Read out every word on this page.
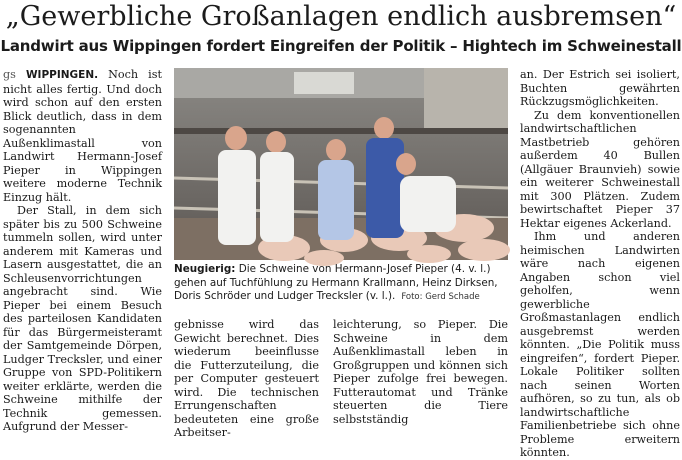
„Gewerbliche Großanlagen endlich ausbremsen“
Landwirt aus Wippingen fordert Eingreifen der Politik – Hightech im Schweinestall

gs WIPPINGEN. Noch ist nicht alles fertig. Und doch wird schon auf den ersten Blick deutlich, dass in dem sogenannten Außenklimastall von Landwirt Hermann-Josef Pieper in Wippingen weitere moderne Technik Einzug hält.

Der Stall, in dem sich später bis zu 500 Schweine tummeln sollen, wird unter anderem mit Kameras und Lasern ausgestattet, die an Schleusenvorrichtungen angebracht sind. Wie Pieper bei einem Besuch des parteilosen Kandidaten für das Bürgermeisteramt der Samtgemeinde Dörpen, Ludger Trecksler, und einer Gruppe von SPD-Politikern weiter erklärte, werden die Schweine mithilfe der Technik gemessen. Aufgrund der Messer-

Neugierig: Die Schweine von Hermann-Josef Pieper (4. v. l.) gehen auf Tuchfühlung zu Hermann Krallmann, Heinz Dirksen, Doris Schröder und Ludger Trecksler (v. l.). Foto: Gerd Schade

gebnisse wird das Gewicht berechnet. Dies wiederum beeinflusse die Futterzuteilung, die per Computer gesteuert wird. Die technischen Errungenschaften bedeuteten eine große Arbeitser-

leichterung, so Pieper. Die Schweine in dem Außenklimastall leben in Großgruppen und können sich Pieper zufolge frei bewegen. Futterautomat und Tränke steuerten die Tiere selbstständig

an. Der Estrich sei isoliert, Buchten gewährten Rückzugsmöglichkeiten.

Zu dem konventionellen landwirtschaftlichen Mastbetrieb gehören außerdem 40 Bullen (Allgäuer Braunvieh) sowie ein weiterer Schweinestall mit 300 Plätzen. Zudem bewirtschaftet Pieper 37 Hektar eigenes Ackerland.

Ihm und anderen heimischen Landwirten wäre nach eigenen Angaben schon viel geholfen, wenn gewerbliche Großmastanlagen endlich ausgebremst werden könnten. „Die Politik muss eingreifen“, fordert Pieper. Lokale Politiker sollten nach seinen Worten aufhören, so zu tun, als ob landwirtschaftliche Familienbetriebe sich ohne Probleme erweitern könnten.
